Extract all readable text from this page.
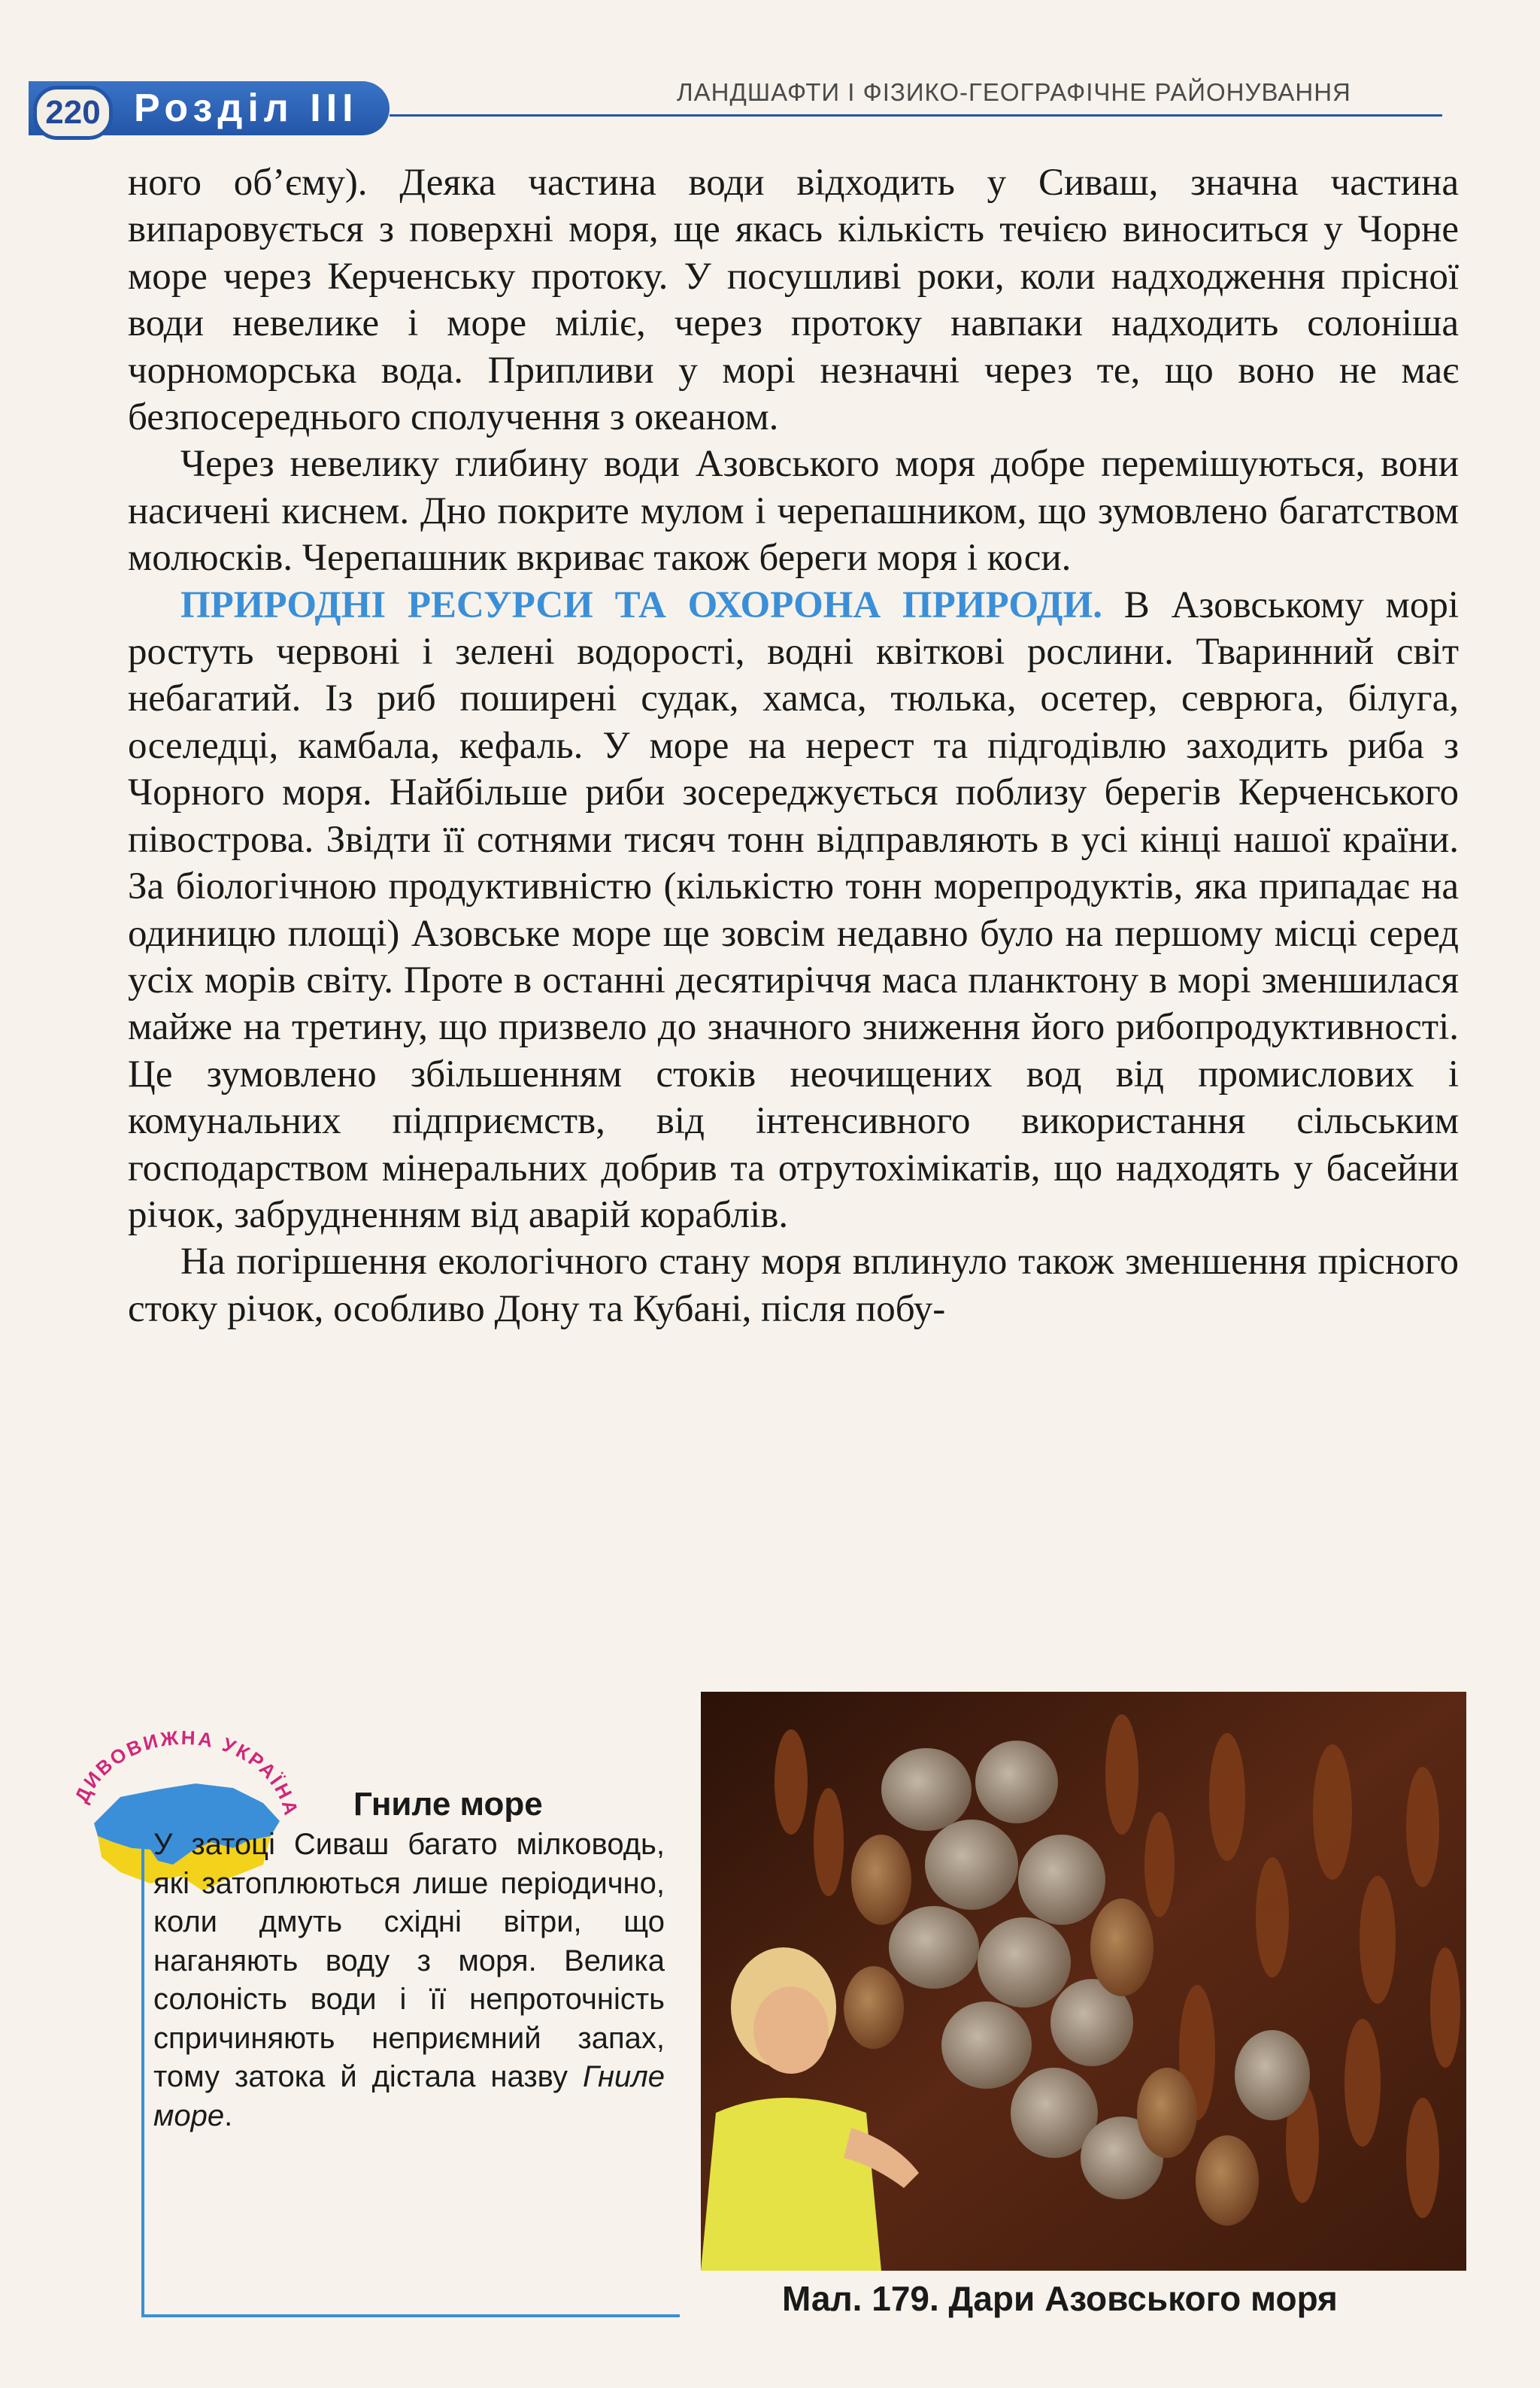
220 Розділ III	ЛАНДШАФТИ І ФІЗИКО-ГЕОГРАФІЧНЕ РАЙОНУВАННЯ

ного об’єму). Деяка частина води відходить у Сиваш, значна частина випаровується з поверхні моря, ще якась кількість течією виноситься у Чорне море через Керченську протоку. У посушливі роки, коли надходження прісної води невелике і море міліє, через протоку навпаки надходить солоніша чорноморська вода. Припливи у морі незначні через те, що воно не має безпосереднього сполучення з океаном.

Через невелику глибину води Азовського моря добре перемішуються, вони насичені киснем. Дно покрите мулом і черепашником, що зумовлено багатством молюсків. Черепашник вкриває також береги моря і коси.

ПРИРОДНІ РЕСУРСИ ТА ОХОРОНА ПРИРОДИ. В Азовському морі ростуть червоні і зелені водорості, водні квіткові рослини. Тваринний світ небагатий. Із риб поширені судак, хамса, тюлька, осетер, севрюга, білуга, оселедці, камбала, кефаль. У море на нерест та підгодівлю заходить риба з Чорного моря. Найбільше риби зосереджується поблизу берегів Керченського півострова. Звідти її сотнями тисяч тонн відправляють в усі кінці нашої країни. За біологічною продуктивністю (кількістю тонн морепродуктів, яка припадає на одиницю площі) Азовське море ще зовсім недавно було на першому місці серед усіх морів світу. Проте в останні десятиріччя маса планктону в морі зменшилася майже на третину, що призвело до значного зниження його рибопродуктивності. Це зумовлено збільшенням стоків неочищених вод від промислових і комунальних підприємств, від інтенсивного використання сільським господарством мінеральних добрив та отрутохімікатів, що надходять у басейни річок, забрудненням від аварій кораблів.

На погіршення екологічного стану моря вплинуло також зменшення прісного стоку річок, особливо Дону та Кубані, після побу-

ДИВОВИЖНА УКРАЇНА Гниле море
У затоці Сиваш багато мілководь, які затоплюються лише періодично, коли дмуть східні вітри, що наганяють воду з моря. Велика солоність води і її непроточність спричиняють неприємний запах, тому затока й дістала назву Гниле море.
Мал. 179. Дари Азовського моря
